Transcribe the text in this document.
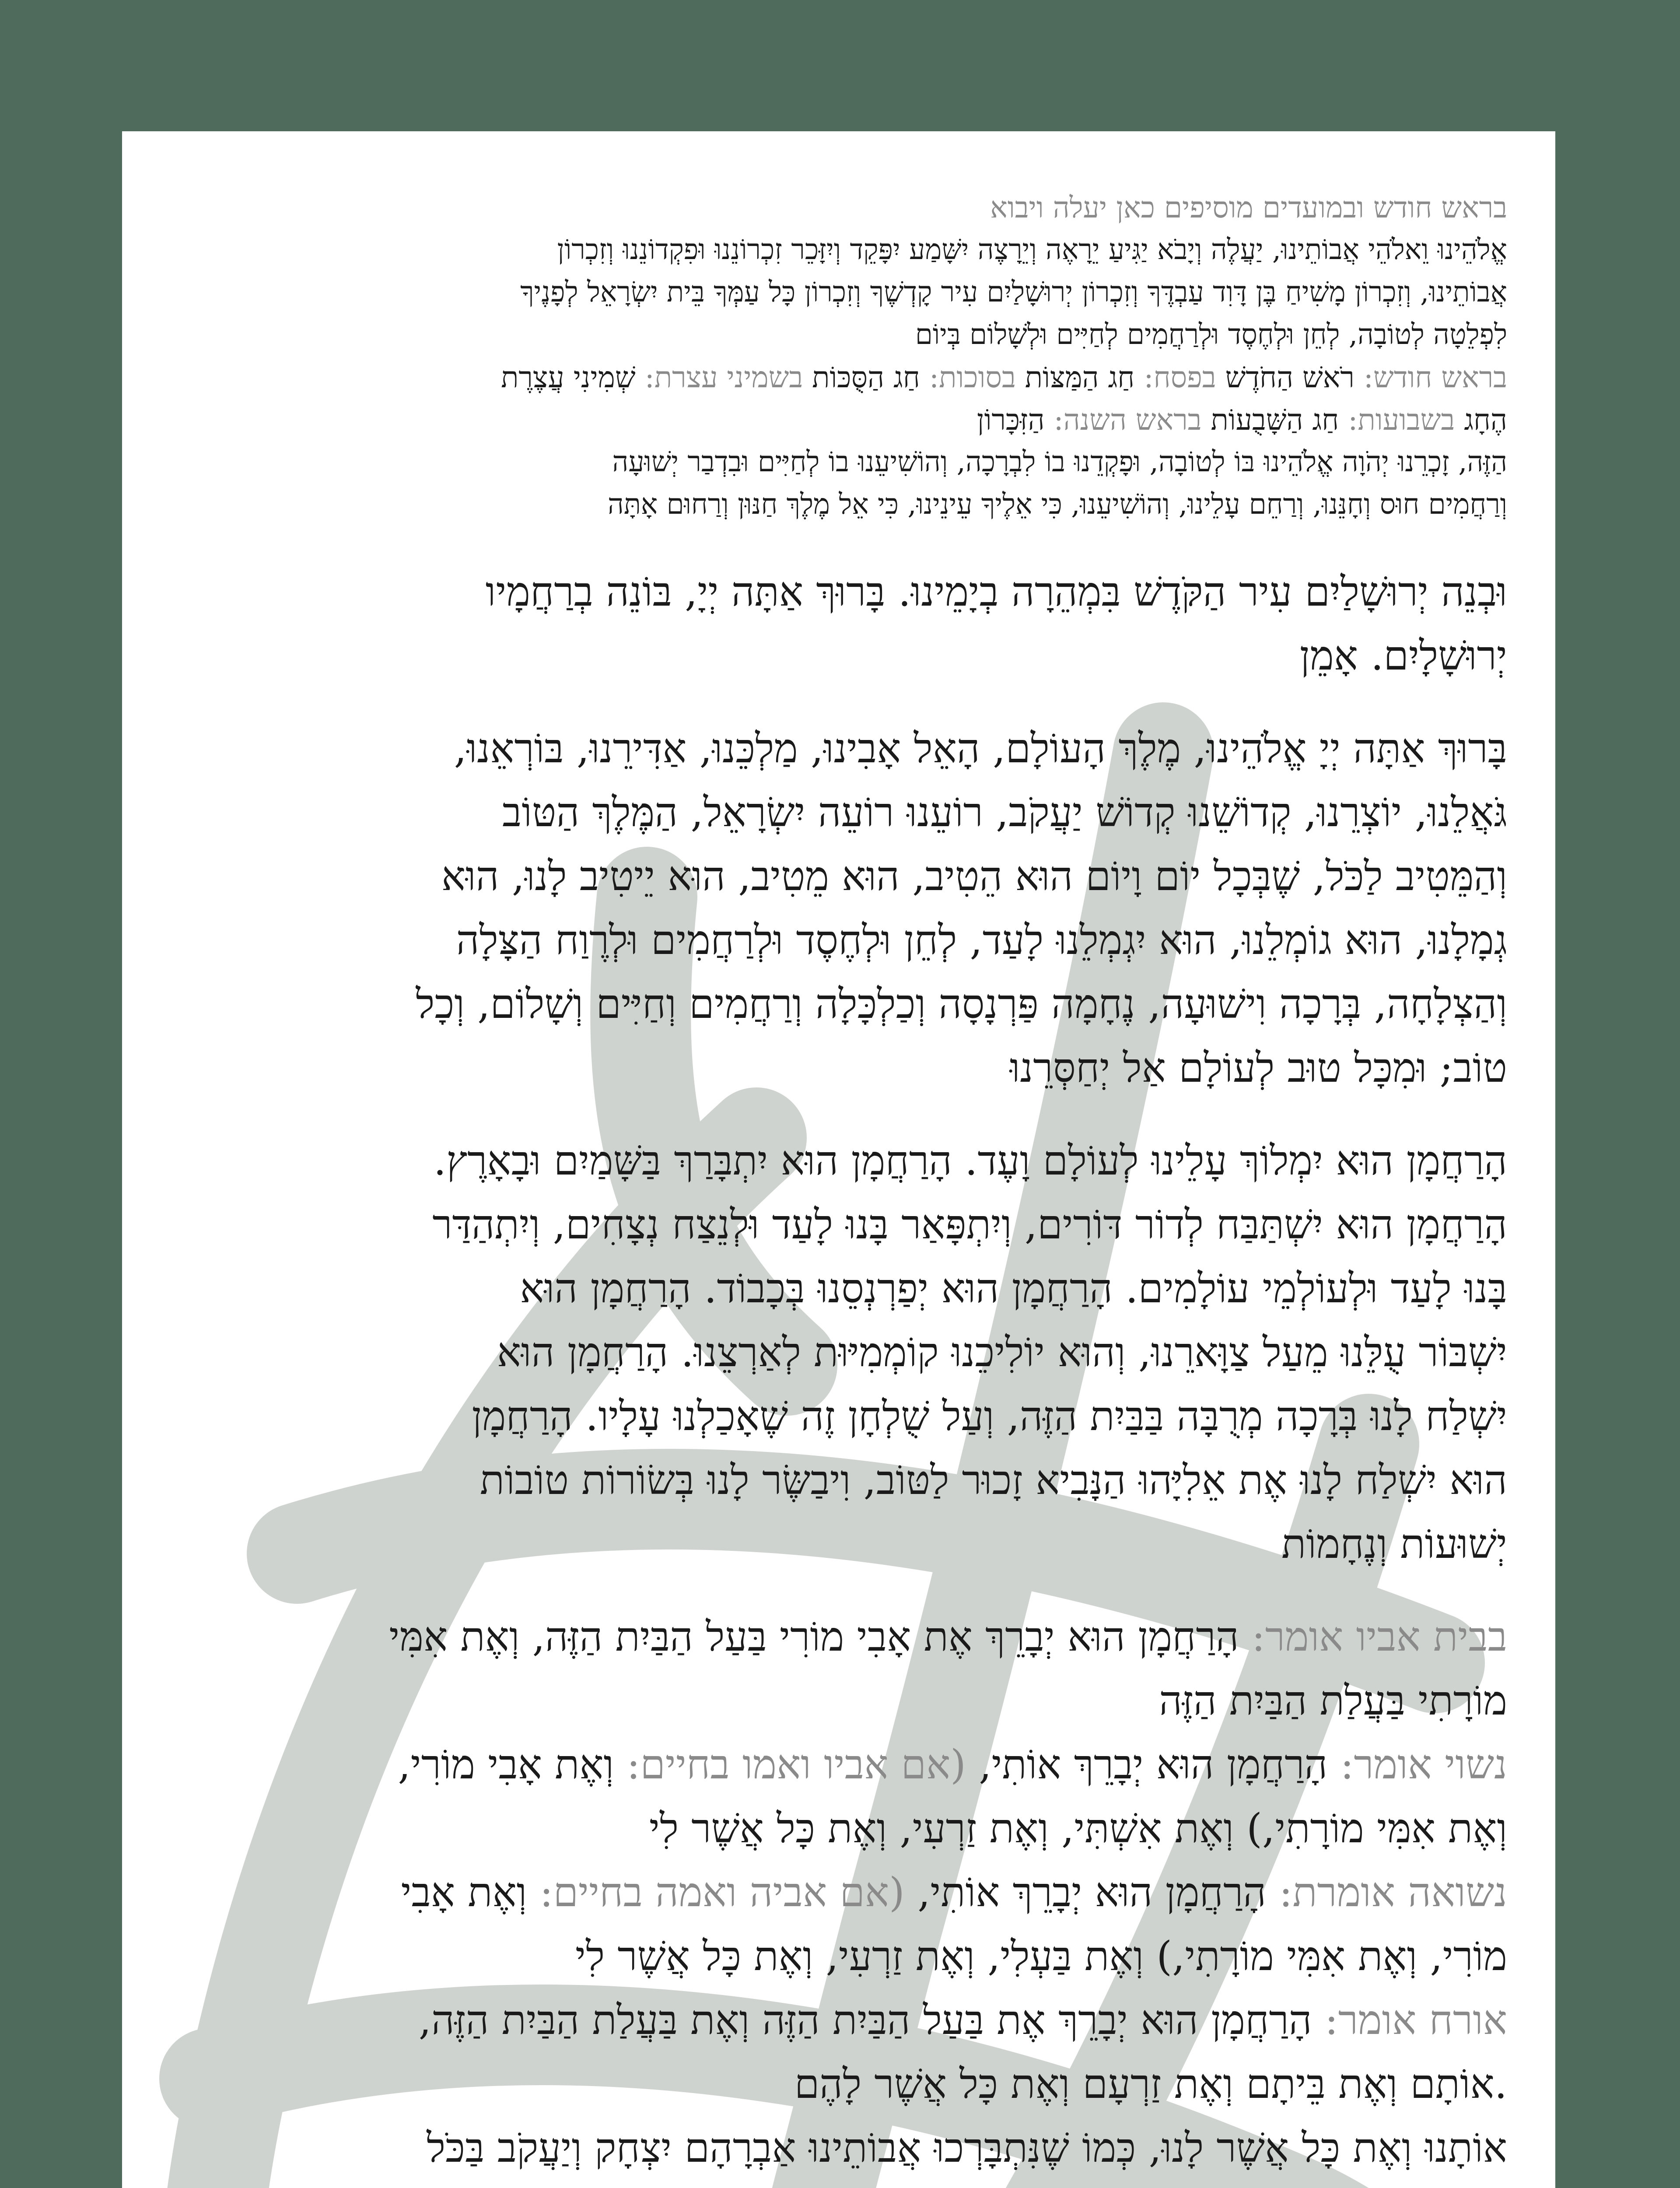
בראש חודש ובמועדים מוסיפים כאן יעלה ויבוא

אֱלֹהֵינוּ וֵאלֹהֵי אֲבוֹתֵינוּ, יַעֲלֶה וְיָבֹא יַגִּיעַ יֵרָאֶה וְיֵרָצֶה יִשָּׁמַע יִפָּקֵד וְיִזָּכֵר זִכְרוֹנֵנוּ וּפִקְדוֹנֵנוּ וְזִכְרוֹן

אֲבוֹתֵינוּ, וְזִכְרוֹן מָשִׁיחַ בֶּן דָּוִד עַבְדֶּךָ וְזִכְרוֹן יְרוּשָׁלַיִם עִיר קָדְשֶׁךָ וְזִכְרוֹן כָּל עַמְּךָ בֵּית יִשְׂרָאֵל לְפָנֶיךָ

לִפְלֵטָה לְטוֹבָה, לְחֵן וּלְחֶסֶד וּלְרַחֲמִים לְחַיִּים וּלְשָׁלוֹם בְּיוֹם

בראש חודש: רֹאשׁ הַחֹדֶשׁ בפסח: חַג הַמַּצּוֹת בסוכות: חַג הַסֻּכּוֹת בשמיני עצרת: שְׁמִינִי עֲצֶרֶת

הֶחָג בשבועות: חַג הַשָּׁבֻעוֹת בראש השנה: הַזִּכָּרוֹן

הַזֶּה, זָכְרֵנוּ יְהֹוָה אֱלֹהֵינוּ בּוֹ לְטוֹבָה, וּפָקְדֵנוּ בוֹ לִבְרָכָה, וְהוֹשִׁיעֵנוּ בוֹ לְחַיִּים וּבִדְבַר יְשׁוּעָה

וְרַחֲמִים חוּס וְחָנֵּנוּ, וְרַחֵם עָלֵינוּ, וְהוֹשִׁיעֵנוּ, כִּי אֵלֶיךָ עֵינֵינוּ, כִּי אֵל מֶלֶךְ חַנּוּן וְרַחוּם אָתָּה

וּבְנֵה יְרוּשָׁלַיִם עִיר הַקֹּדֶשׁ בִּמְהֵרָה בְיָמֵינוּ. בָּרוּךְ אַתָּה יְיָ, בּוֹנֵה בְרַחֲמָיו

יְרוּשָׁלָיִם. אָמֵן

בָּרוּךְ אַתָּה יְיָ אֱלֹהֵינוּ, מֶלֶךְ הָעוֹלָם, הָאֵל אָבִינוּ, מַלְכֵּנוּ, אַדִּירֵנוּ, בּוֹרְאֵנוּ,

גֹּאֲלֵנוּ, יוֹצְרֵנוּ, קְדוֹשֵׁנוּ קְדוֹשׁ יַעֲקֹב, רוֹעֵנוּ רוֹעֵה יִשְׂרָאֵל, הַמֶּלֶךְ הַטּוֹב

וְהַמֵּטִיב לַכֹּל, שֶׁבְּכָל יוֹם וָיוֹם הוּא הֵטִיב, הוּא מֵטִיב, הוּא יֵיטִיב לָנוּ, הוּא

גְמָלָנוּ, הוּא גוֹמְלֵנוּ, הוּא יִגְמְלֵנוּ לָעַד, לְחֵן וּלְחֶסֶד וּלְרַחֲמִים וּלְרֶוַח הַצָּלָה

וְהַצְלָחָה, בְּרָכָה וִישׁוּעָה, נֶחָמָה פַּרְנָסָה וְכַלְכָּלָה וְרַחֲמִים וְחַיִּים וְשָׁלוֹם, וְכָל

טוֹב; וּמִכָּל טוּב לְעוֹלָם אַל יְחַסְּרֵנוּ

הָרַחֲמָן הוּא יִמְלוֹךְ עָלֵינוּ לְעוֹלָם וָעֶד. הָרַחֲמָן הוּא יִתְבָּרַךְ בַּשָּׁמַיִם וּבָאָרֶץ.

הָרַחֲמָן הוּא יִשְׁתַּבַּח לְדוֹר דּוֹרִים, וְיִתְפָּאַר בָּנוּ לָעַד וּלְנֵצַח נְצָחִים, וְיִתְהַדַּר

בָּנוּ לָעַד וּלְעוֹלְמֵי עוֹלָמִים. הָרַחֲמָן הוּא יְפַרְנְסֵנוּ בְּכָבוֹד. הָרַחֲמָן הוּא

יִשְׁבּוֹר עֻלֵּנוּ מֵעַל צַוָּארֵנוּ, וְהוּא יוֹלִיכֵנוּ קוֹמְמִיּוּת לְאַרְצֵנוּ. הָרַחֲמָן הוּא

יִשְׁלַח לָנוּ בְּרָכָה מְרֻבָּה בַּבַּיִת הַזֶּה, וְעַל שֻׁלְחָן זֶה שֶׁאָכַלְנוּ עָלָיו. הָרַחֲמָן

הוּא יִשְׁלַח לָנוּ אֶת אֵלִיָּהוּ הַנָּבִיא זָכוּר לַטּוֹב, וִיבַשֶּׂר לָנוּ בְּשׂוֹרוֹת טוֹבוֹת

יְשׁוּעוֹת וְנֶחָמוֹת

בבית אביו אומר: הָרַחֲמָן הוּא יְבָרֵךְ אֶת אָבִי מוֹרִי בַּעַל הַבַּיִת הַזֶּה, וְאֶת אִמִּי

מוֹרָתִי בַּעֲלַת הַבַּיִת הַזֶּה

נשוי אומר: הָרַחֲמָן הוּא יְבָרֵךְ אוֹתִי, (אם אביו ואמו בחיים: וְאֶת אָבִי מוֹרִי,

וְאֶת אִמִּי מוֹרָתִי,) וְאֶת אִשְׁתִּי, וְאֶת זַרְעִי, וְאֶת כָּל אֲשֶׁר לִי

נשואה אומרת: הָרַחֲמָן הוּא יְבָרֵךְ אוֹתִי, (אם אביה ואמה בחיים: וְאֶת אָבִי

מוֹרִי, וְאֶת אִמִּי מוֹרָתִי,) וְאֶת בַּעְלִי, וְאֶת זַרְעִי, וְאֶת כָּל אֲשֶׁר לִי

אורח אומר: הָרַחֲמָן הוּא יְבָרֵךְ אֶת בַּעַל הַבַּיִת הַזֶּה וְאֶת בַּעֲלַת הַבַּיִת הַזֶּה,

.אוֹתָם וְאֶת בֵּיתָם וְאֶת זַרְעָם וְאֶת כָּל אֲשֶׁר לָהֶם

אוֹתָנוּ וְאֶת כָּל אֲשֶׁר לָנוּ, כְּמוֹ שֶׁנִּתְבָּרְכוּ אֲבוֹתֵינוּ אַבְרָהָם יִצְחָק וְיַעֲקֹב בַּכֹּל
